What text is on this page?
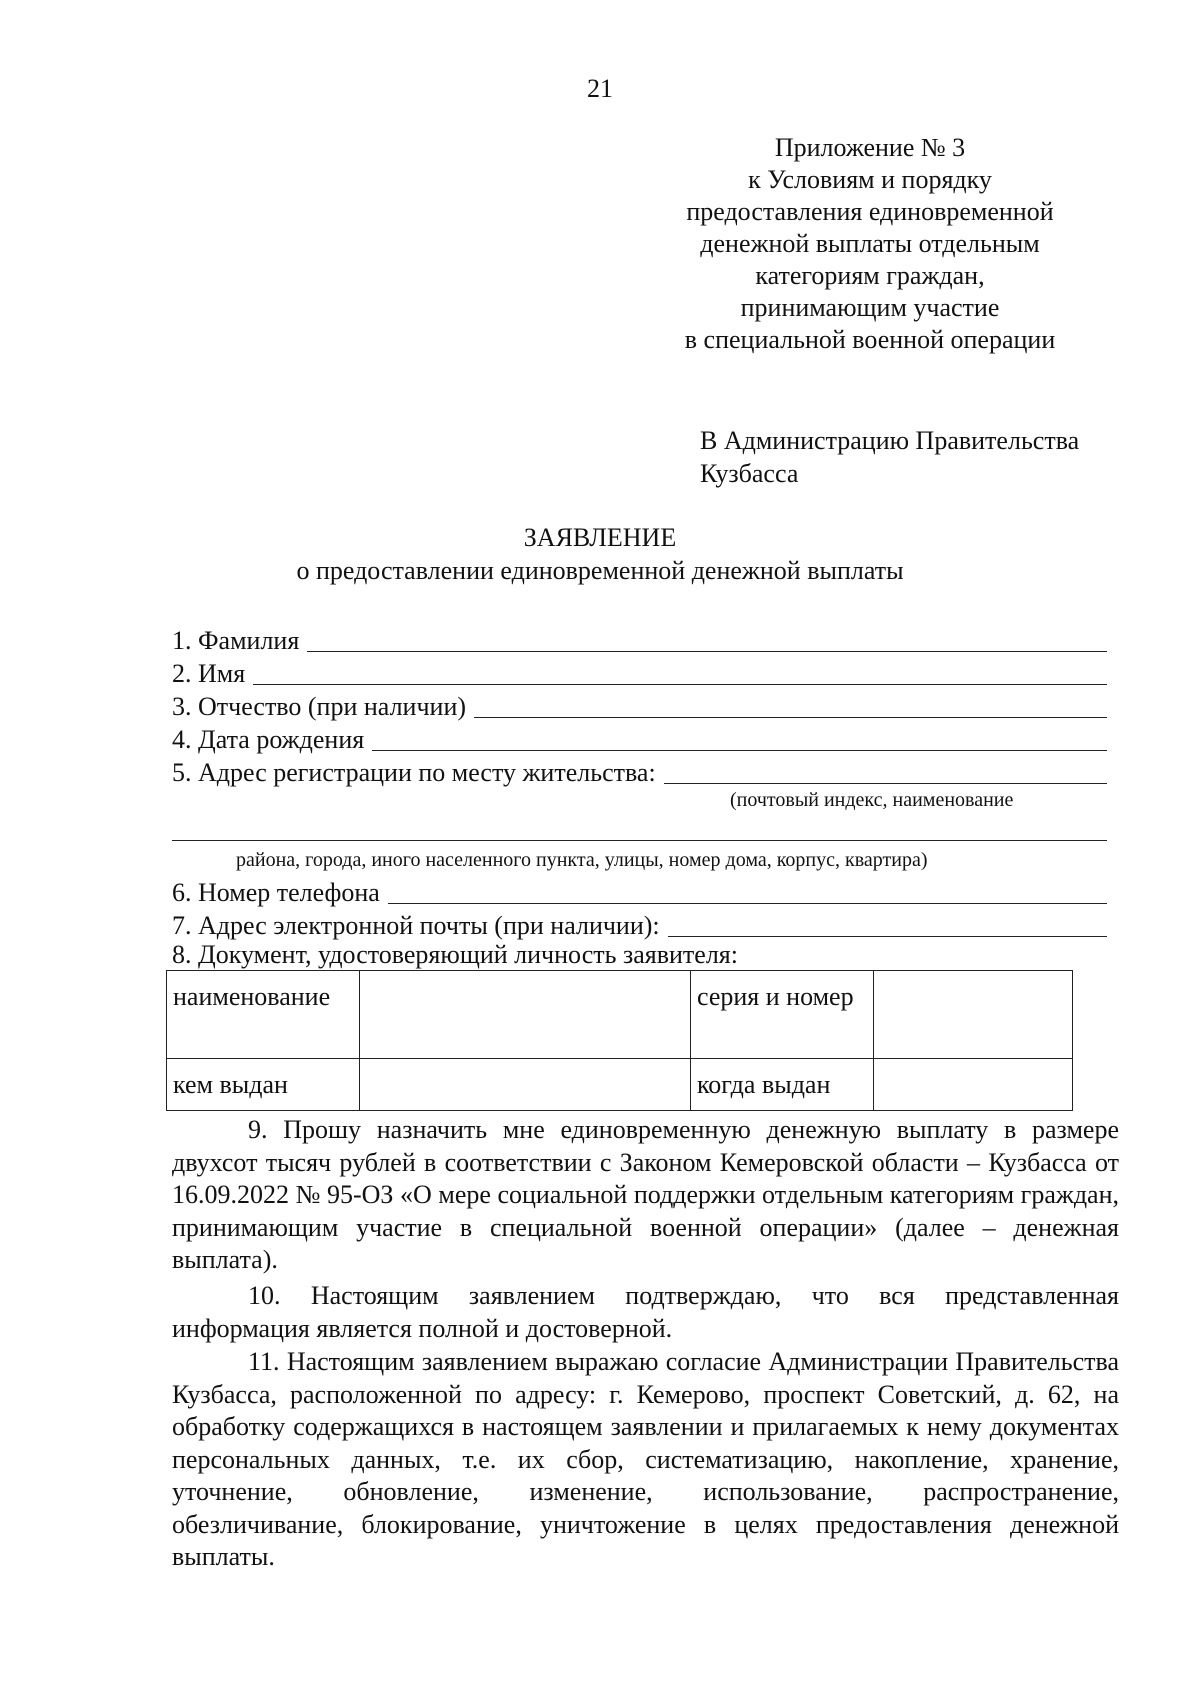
21
Приложение № 3
к Условиям и порядку
предоставления единовременной
денежной выплаты отдельным
категориям граждан,
принимающим участие
в специальной военной операции
В Администрацию Правительства
Кузбасса
ЗАЯВЛЕНИЕ
о предоставлении единовременной денежной выплаты
1. Фамилия
2. Имя
3. Отчество (при наличии)
4. Дата рождения
5. Адрес регистрации по месту жительства:
(почтовый индекс, наименование
района, города, иного населенного пункта, улицы, номер дома, корпус, квартира)
6. Номер телефона
7. Адрес электронной почты (при наличии):
8. Документ, удостоверяющий личность заявителя:
наименование		серия и номер	
кем выдан		когда выдан	
9. Прошу назначить мне единовременную денежную выплату в размере двухсот тысяч рублей в соответствии с Законом Кемеровской области – Кузбасса от 16.09.2022 № 95-ОЗ «О мере социальной поддержки отдельным категориям граждан, принимающим участие в специальной военной операции» (далее – денежная выплата).
10. Настоящим заявлением подтверждаю, что вся представленная информация является полной и достоверной.
11. Настоящим заявлением выражаю согласие Администрации Правительства Кузбасса, расположенной по адресу: г. Кемерово, проспект Советский, д. 62, на обработку содержащихся в настоящем заявлении и прилагаемых к нему документах персональных данных, т.е. их сбор, систематизацию, накопление, хранение, уточнение, обновление, изменение, использование, распространение, обезличивание, блокирование, уничтожение в целях предоставления денежной выплаты.
